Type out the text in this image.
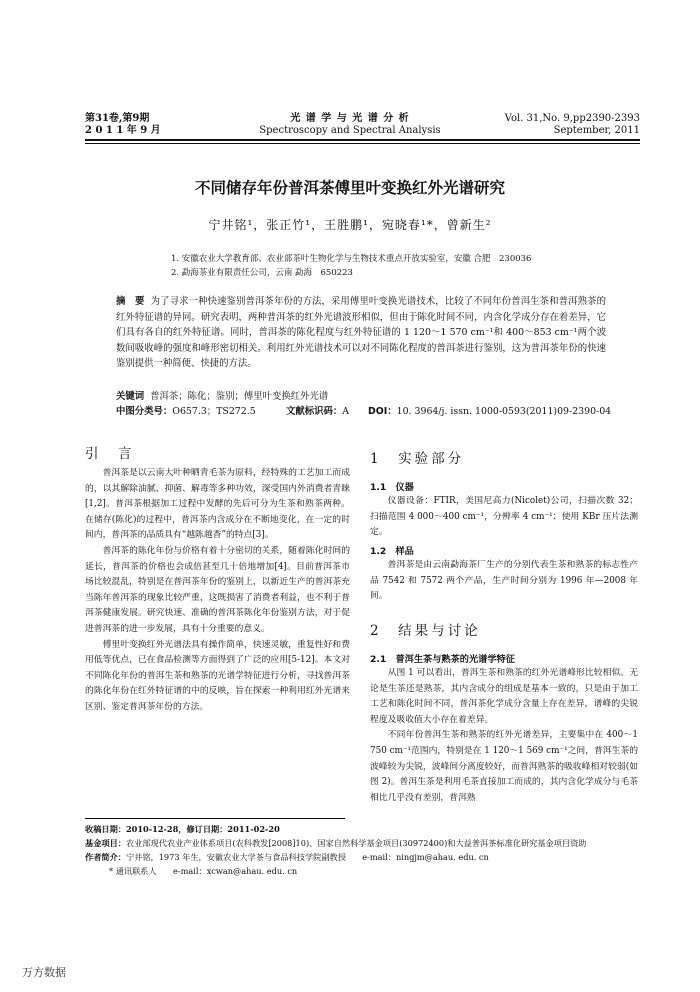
第31卷,第9期
2 0 1 1 年 9 月
光 谱 学 与 光 谱 分 析
Spectroscopy and Spectral Analysis
Vol. 31,No. 9,pp2390-2393
September, 2011
不同储存年份普洱茶傅里叶变换红外光谱研究
宁井铭¹，张正竹¹，王胜鹏¹，宛晓春¹*，曾新生²
1. 安徽农业大学教育部、农业部茶叶生物化学与生物技术重点开放实验室，安徽 合肥　230036
2. 勐海茶业有限责任公司，云南 勐海　650223
摘　要 为了寻求一种快速鉴别普洱茶年份的方法，采用傅里叶变换光谱技术，比较了不同年份普洱生茶和普洱熟茶的红外特征谱的异同。研究表明，两种普洱茶的红外光谱波形相似，但由于陈化时间不同，内含化学成分存在着差异，它们具有各自的红外特征谱。同时，普洱茶的陈化程度与红外特征谱的 1 120～1 570 cm⁻¹和 400～853 cm⁻¹两个波数间吸收峰的强度和峰形密切相关。利用红外光谱技术可以对不同陈化程度的普洱茶进行鉴别，这为普洱茶年份的快速鉴别提供一种简便、快捷的方法。
关键词 普洱茶；陈化；鉴别；傅里叶变换红外光谱
中图分类号：O657.3；TS272.5	文献标识码：A DOI：10. 3964/j. issn. 1000-0593(2011)09-2390-04
引　言

普洱茶是以云南大叶种晒青毛茶为原料，经特殊的工艺加工而成的，以其解除油腻、抑菌、解毒等多种功效，深受国内外消费者青睐[1,2]。普洱茶根据加工过程中发酵的先后可分为生茶和熟茶两种。在储存(陈化)的过程中，普洱茶内含成分在不断地变化，在一定的时间内，普洱茶的品质具有“越陈越香”的特点[3]。

普洱茶的陈化年份与价格有着十分密切的关系，随着陈化时间的延长，普洱茶的价格也会成倍甚至几十倍地增加[4]。目前普洱茶市场比较混乱，特别是在普洱茶年份的鉴别上，以新近生产的普洱茶充当陈年普洱茶的现象比较严重，这既损害了消费者利益，也不利于普洱茶健康发展。研究快速、准确的普洱茶陈化年份鉴别方法，对于促进普洱茶的进一步发展，具有十分重要的意义。

傅里叶变换红外光谱法具有操作简单，快速灵敏，重复性好和费用低等优点，已在食品检测等方面得到了广泛的应用[5-12]。本文对不同陈化年份的普洱生茶和熟茶的光谱学特征进行分析，寻找普洱茶的陈化年份在红外特征谱的中的反映，旨在探索一种利用红外光谱来区别、鉴定普洱茶年份的方法。

1　实验部分
1.1　仪器

仪器设备：FTIR，美国尼高力(Nicolet)公司，扫描次数 32；扫描范围 4 000～400 cm⁻¹，分辨率 4 cm⁻¹；使用 KBr 压片法测定。

1.2　样品

普洱茶是由云南勐海茶厂生产的分别代表生茶和熟茶的标志性产品 7542 和 7572 两个产品，生产时间分别为 1996 年—2008 年间。

2　结果与讨论
2.1　普洱生茶与熟茶的光谱学特征

从图 1 可以看出，普洱生茶和熟茶的红外光谱峰形比较相似。无论是生茶还是熟茶，其内含成分的组成是基本一致的，只是由于加工工艺和陈化时间不同，普洱茶化学成分含量上存在差异，谱峰的尖锐程度及吸收值大小存在着差异。

不同年份普洱生茶和熟茶的红外光谱差异，主要集中在 400～1 750 cm⁻¹范围内，特别是在 1 120～1 569 cm⁻¹之间，普洱生茶的波峰较为尖锐，波峰间分离度较好，而普洱熟茶的吸收峰相对较弱(如图 2)。普洱生茶是利用毛茶直接加工而成的，其内含化学成分与毛茶相比几乎没有差别，普洱熟

收稿日期：2010-12-28，修订日期：2011-02-20
基金项目：农业部现代农业产业体系项目(农科教发[2008]10)、国家自然科学基金项目(30972400)和大益普洱茶标准化研究基金项目资助
作者简介：宁井铭，1973 年生，安徽农业大学茶与食品科技学院副教授　　e-mail：ningjm@ahau. edu. cn
* 通讯联系人　　e-mail：xcwan@ahau. edu. cn
万方数据
